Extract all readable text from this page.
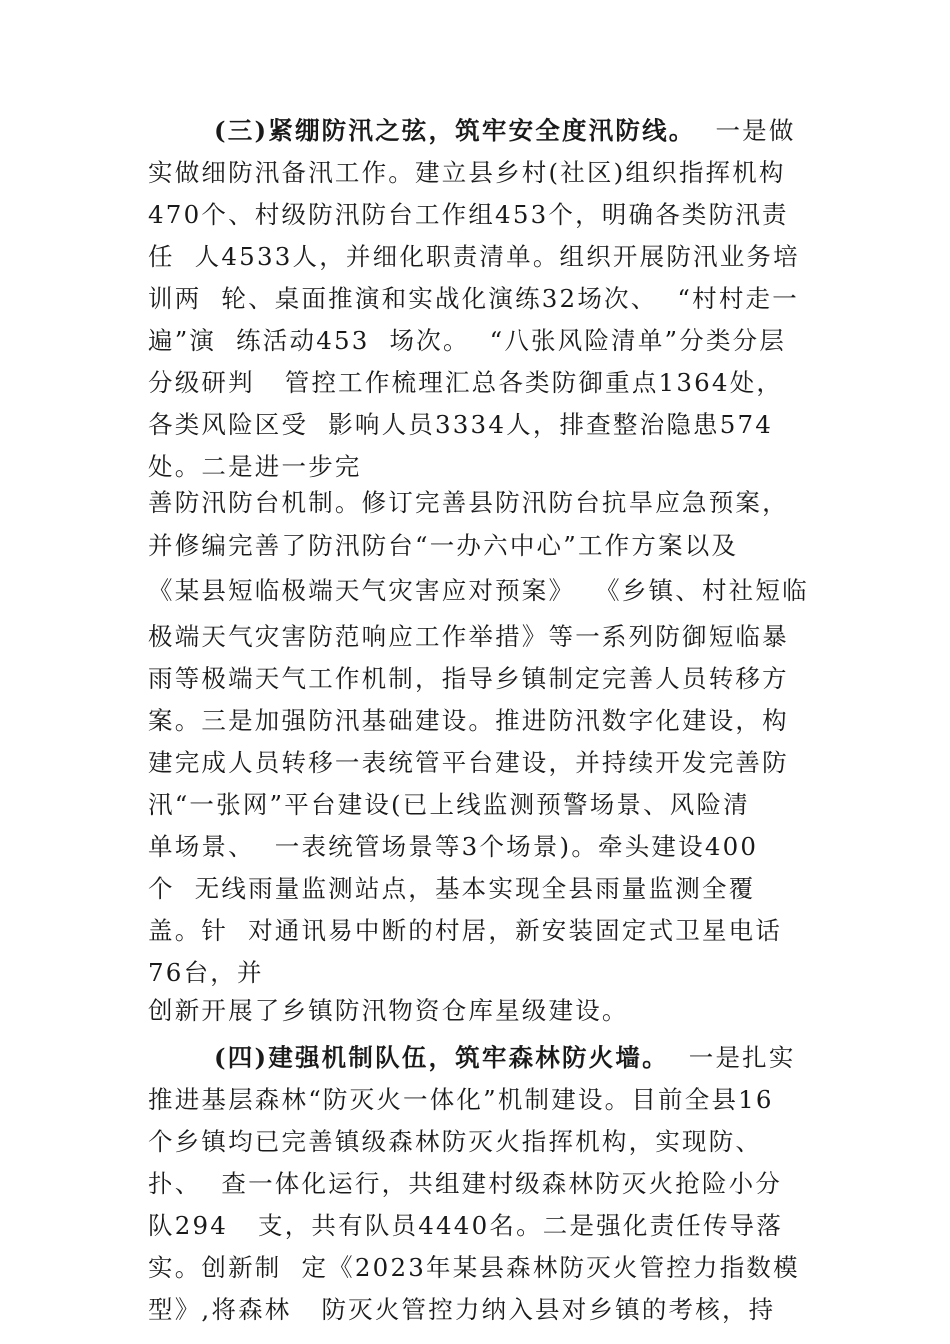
(三)紧绷防汛之弦，筑牢安全度汛防线。 一是做
实做细防汛备汛工作。建立县乡村(社区)组织指挥机构
470个、村级防汛防台工作组453个，明确各类防汛责
任  人4533人，并细化职责清单。组织开展防汛业务培
训两  轮、桌面推演和实战化演练32场次、  “村村走一
遍”演  练活动453  场次。  “八张风险清单”分类分层
分级研判   管控工作梳理汇总各类防御重点1364处，
各类风险区受  影响人员3334人，排查整治隐患574
处。二是进一步完
善防汛防台机制。修订完善县防汛防台抗旱应急预案，
并修编完善了防汛防台“一办六中心”工作方案以及
《某县短临极端天气灾害应对预案》  《乡镇、村社短临
极端天气灾害防范响应工作举措》等一系列防御短临暴
雨等极端天气工作机制，指导乡镇制定完善人员转移方
案。三是加强防汛基础建设。推进防汛数字化建设，构
建完成人员转移一表统管平台建设，并持续开发完善防
汛“一张网”平台建设(已上线监测预警场景、风险清
单场景、  一表统管场景等3个场景)。牵头建设400
个  无线雨量监测站点，基本实现全县雨量监测全覆
盖。针  对通讯易中断的村居，新安装固定式卫星电话
76台，并
创新开展了乡镇防汛物资仓库星级建设。
(四)建强机制队伍，筑牢森林防火墙。 一是扎实
推进基层森林“防灭火一体化”机制建设。目前全县16
个乡镇均已完善镇级森林防灭火指挥机构，实现防、
扑、  查一体化运行，共组建村级森林防灭火抢险小分
队294   支，共有队员4440名。二是强化责任传导落
实。创新制  定《2023年某县森林防灭火管控力指数模
型》,将森林   防灭火管控力纳入县对乡镇的考核，持
